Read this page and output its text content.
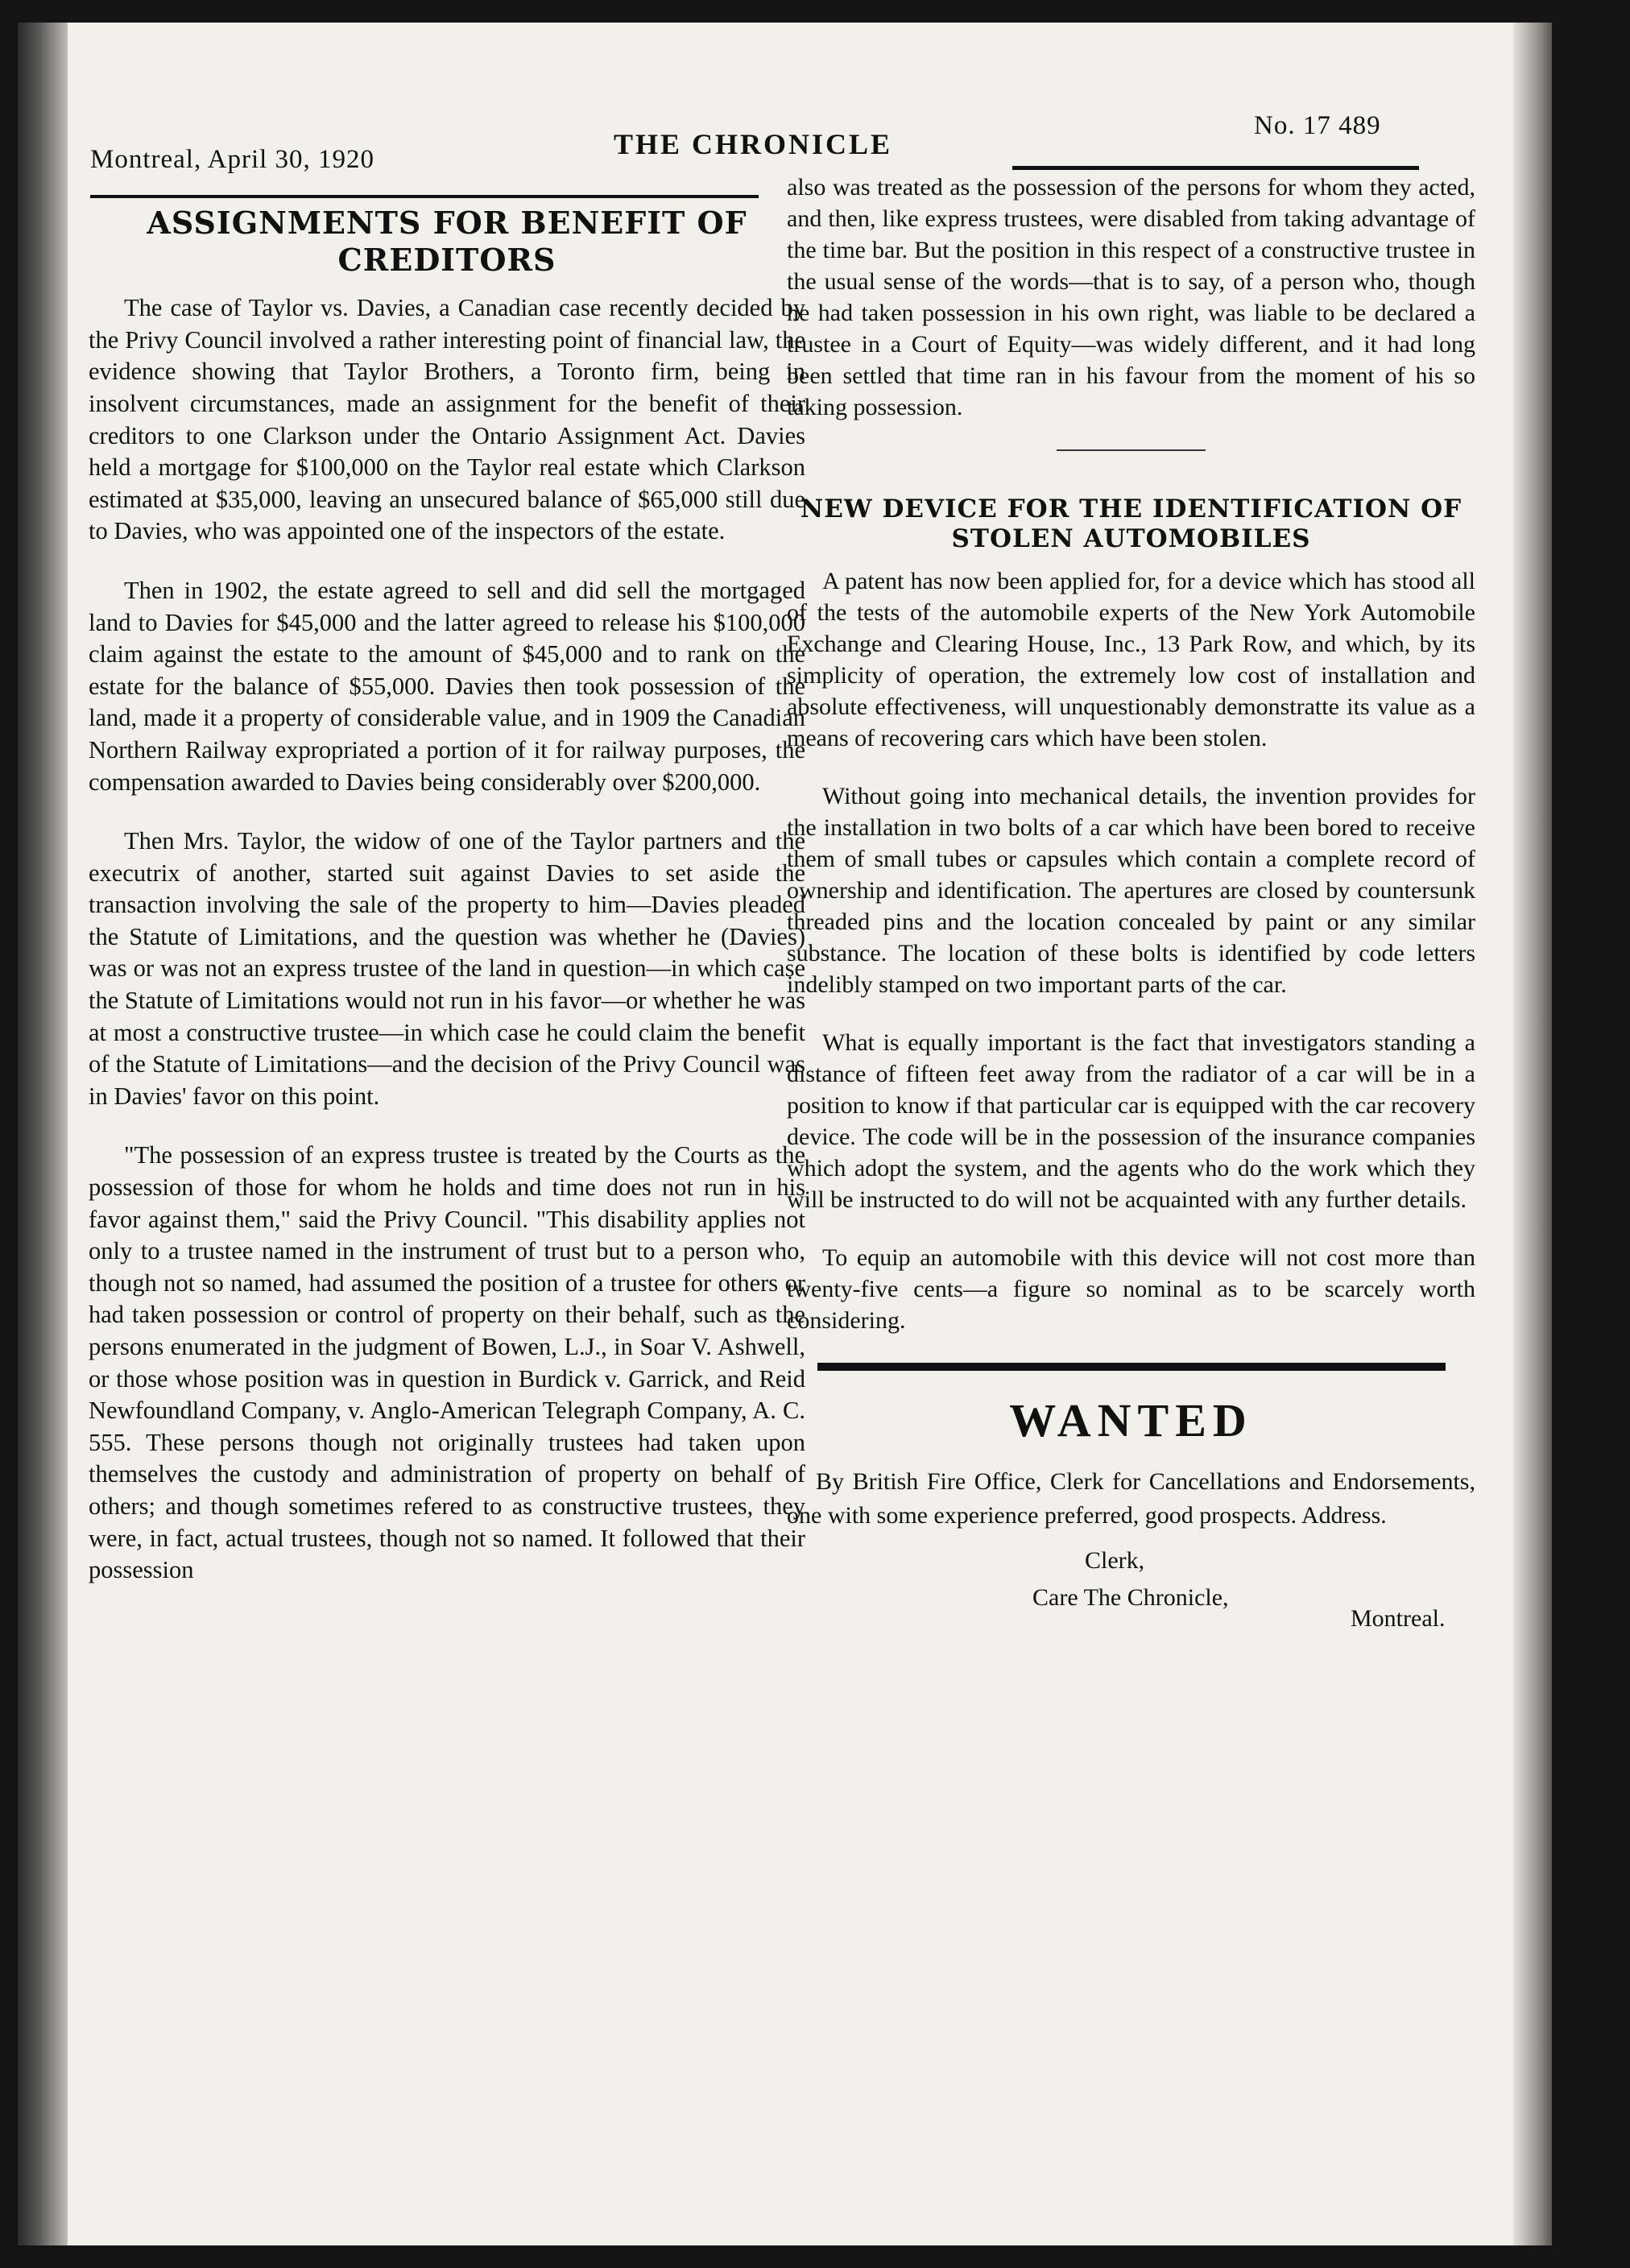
Montreal, April 30, 1920	THE CHRONICLE
No. 17 489
ASSIGNMENTS FOR BENEFIT OF CREDITORS

The case of Taylor vs. Davies, a Canadian case recently decided by the Privy Council involved a rather interesting point of financial law, the evidence showing that Taylor Brothers, a Toronto firm, being in insolvent circumstances, made an assignment for the benefit of their creditors to one Clarkson under the Ontario Assignment Act. Davies held a mortgage for $100,000 on the Taylor real estate which Clarkson estimated at $35,000, leaving an unsecured balance of $65,000 still due to Davies, who was appointed one of the inspectors of the estate.

Then in 1902, the estate agreed to sell and did sell the mortgaged land to Davies for $45,000 and the latter agreed to release his $100,000 claim against the estate to the amount of $45,000 and to rank on the estate for the balance of $55,000. Davies then took possession of the land, made it a property of considerable value, and in 1909 the Canadian Northern Railway expropriated a portion of it for railway purposes, the compensation awarded to Davies being considerably over $200,000.

Then Mrs. Taylor, the widow of one of the Taylor partners and the executrix of another, started suit against Davies to set aside the transaction involving the sale of the property to him—Davies pleaded the Statute of Limitations, and the question was whether he (Davies) was or was not an express trustee of the land in question—in which case the Statute of Limitations would not run in his favor—or whether he was at most a constructive trustee—in which case he could claim the benefit of the Statute of Limitations—and the decision of the Privy Council was in Davies' favor on this point.

"The possession of an express trustee is treated by the Courts as the possession of those for whom he holds and time does not run in his favor against them," said the Privy Council. "This disability applies not only to a trustee named in the instrument of trust but to a person who, though not so named, had assumed the position of a trustee for others or had taken possession or control of property on their behalf, such as the persons enumerated in the judgment of Bowen, L.J., in Soar V. Ashwell, or those whose position was in question in Burdick v. Garrick, and Reid Newfoundland Company, v. Anglo-American Telegraph Company, A. C. 555. These persons though not originally trustees had taken upon themselves the custody and administration of property on behalf of others; and though sometimes refered to as constructive trustees, they were, in fact, actual trustees, though not so named. It followed that their possession

also was treated as the possession of the persons for whom they acted, and then, like express trustees, were disabled from taking advantage of the time bar. But the position in this respect of a constructive trustee in the usual sense of the words—that is to say, of a person who, though he had taken possession in his own right, was liable to be declared a trustee in a Court of Equity—was widely different, and it had long been settled that time ran in his favour from the moment of his so taking possession.

NEW DEVICE FOR THE IDENTIFICATION OF STOLEN AUTOMOBILES

A patent has now been applied for, for a device which has stood all of the tests of the automobile experts of the New York Automobile Exchange and Clearing House, Inc., 13 Park Row, and which, by its simplicity of operation, the extremely low cost of installation and absolute effectiveness, will unquestionably demonstratte its value as a means of recovering cars which have been stolen.

Without going into mechanical details, the invention provides for the installation in two bolts of a car which have been bored to receive them of small tubes or capsules which contain a complete record of ownership and identification. The apertures are closed by countersunk threaded pins and the location concealed by paint or any similar substance. The location of these bolts is identified by code letters indelibly stamped on two important parts of the car.

What is equally important is the fact that investigators standing a distance of fifteen feet away from the radiator of a car will be in a position to know if that particular car is equipped with the car recovery device. The code will be in the possession of the insurance companies which adopt the system, and the agents who do the work which they will be instructed to do will not be acquainted with any further details.

To equip an automobile with this device will not cost more than twenty-five cents—a figure so nominal as to be scarcely worth considering.

WANTED

By British Fire Office, Clerk for Cancellations and Endorsements, one with some experience preferred, good prospects. Address.

Clerk,
Care The Chronicle,
Montreal.
